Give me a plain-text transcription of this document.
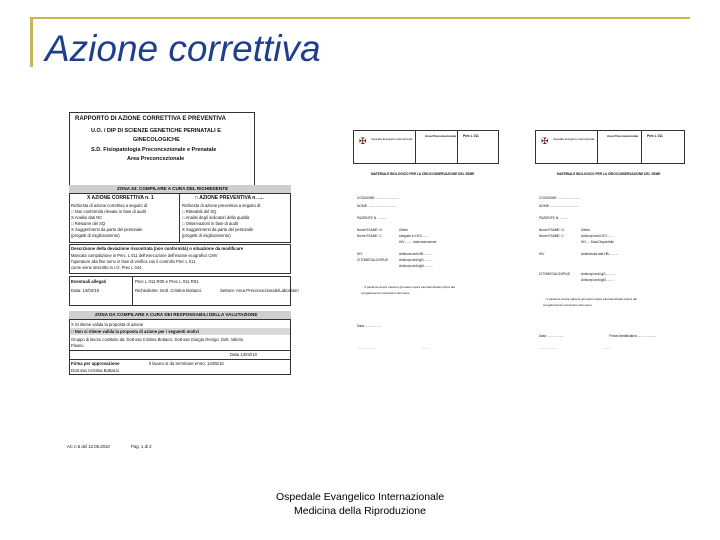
Azione correttiva
RAPPORTO DI AZIONE CORRETTIVA E PREVENTIVA
U.O. / DIP DI SCIENZE GENETICHE PERINATALI E
GINECOLOGICHE
S.D. Fisiopatologia Preconcezionale e Prenatale
Area Preconcezionale
ZONA 34: COMPILARE A CURA DEL RICHIEDENTE
X AZIONE CORRETTIVA n. 1	□ AZIONE PREVENTIVA n. ....
Richiesta di azione correttiva a seguito di:
□ Non conformità rilevate in fase di audit
X Analisi dati NC
□ Riesame del SQ
X Suggerimenti da parte del personale
(progetti di miglioramento)
Richiesta di azione preventiva a seguito di:
□ Rilevabili del SQ
□ Analisi degli indicatori della qualità
□ Osservazioni in fase di audit
X Suggerimenti da parte del personale
(progetti di miglioramento)
Descrizione della deviazione riscontrata (non conformità) o situazione da modificare
Mancata compilazione in Prec. L 011 dell'esecuzione dell'esame ecografico CMV
l'operatore alla fine turno in fase di verifica con il controllo Prec L 011
come viene descritto in I.O. Prec L 044.
Eventuali allegati	Prec L 011 R00 e Prec L 011 R01
Data: 13/02/10	Richiedente: Dott. Cristina Bottacci	Settore: Area Preconcezionale/Laboratori
ZONA DA COMPILARE A CURA DEI RESPONSABILI DELLA VALUTAZIONE
X Si ritiene valida la proposta di azione
□ Non si ritiene valida la proposta di azione per i seguenti motivi
Gruppo di lavoro costituito da: Dott.ssa Cristina Bottacci, Dott.ssa Giorgia Orengo, Dott. Valerio
Pisanu
Data 13/02/10
Firma per approvazione	Il lavoro si da terminare entro: 14/05/10
Dott.ssa Cristina Bottacci
AC n.5 del 12.05.2010	Pag. 1 di 2
✠ Ospedale Evangelico Internazionale
Area Preconcezionale Prec L 011
MATERIALE BIOLOGICO PER LA CRIOCONSERVAZIONE DEL SEME
COGNOME: .........................
NOME: ...............................
PAZIENTE N. .........
Nome ESAME: N.	Ultimo
Nome ESAME: C.	eseguito in HCV........
HIV ........ data esecuzione
HIV	Antiruola anti-HB...........
CITOMEGALOVIRUS	Anticorpi anti-IgG..........
Anticorpi anti-IgM..........
... Il paziente dovrà ripetere gli esami sopra elencati all'atto prima del
congelamento successivo del seme
Data ..................
......................	.........
✠ Ospedale Evangelico Internazionale
Area Preconcezionale	Prec L 011
MATERIALE BIOLOGICO PER LA CRIOCONSERVAZIONE DEL SEME
COGNOME: .........................
NOME: ...............................
PAZIENTE N. .........
Nome ESAME: N.	Ultimo
Nome ESAME: C.	Anticorpi anti-HCV.........
HIV ... Data Disponibile
HIV	Antirubeola anti-HB...........
CITOMEGALOVIRUS	Anticorpi anti-IgG..........
Anticorpi anti-IgM..........
... Il paziente dovrà ripetere gli esami sopra elencati all'atto prima del
congelamento successivo del seme
Data ..................	Firma Identificativa ....................
......................	.........
Ospedale Evangelico Internazionale
Medicina della Riproduzione
